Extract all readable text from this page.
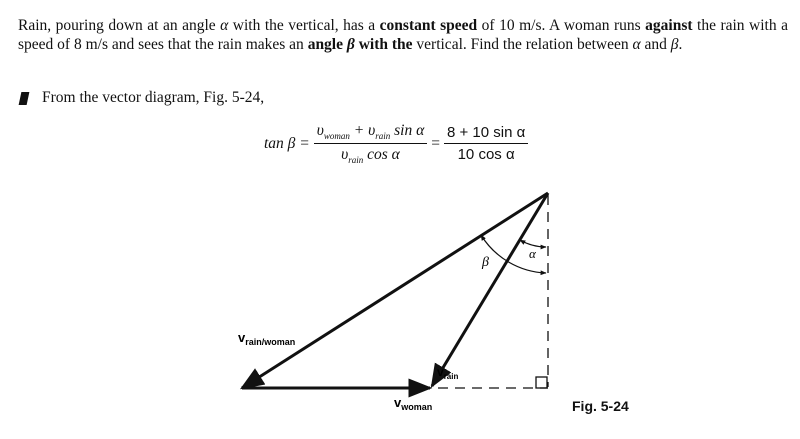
Rain, pouring down at an angle α with the vertical, has a constant speed of 10 m/s. A woman runs against the rain with a speed of 8 m/s and sees that the rain makes an angle β with the vertical. Find the relation between α and β.
From the vector diagram, Fig. 5-24,
$\tan \beta = \frac{\upsilon_{woman} + \upsilon_{rain} \sin \alpha}{\upsilon_{rain} \cos \alpha} = \frac{\text{8 + 10 sin α}}{\text{10 cos α}}$
$v_{rain/woman}$
$v_{rain}$
$v_{woman}$
β
α
Fig. 5-24
